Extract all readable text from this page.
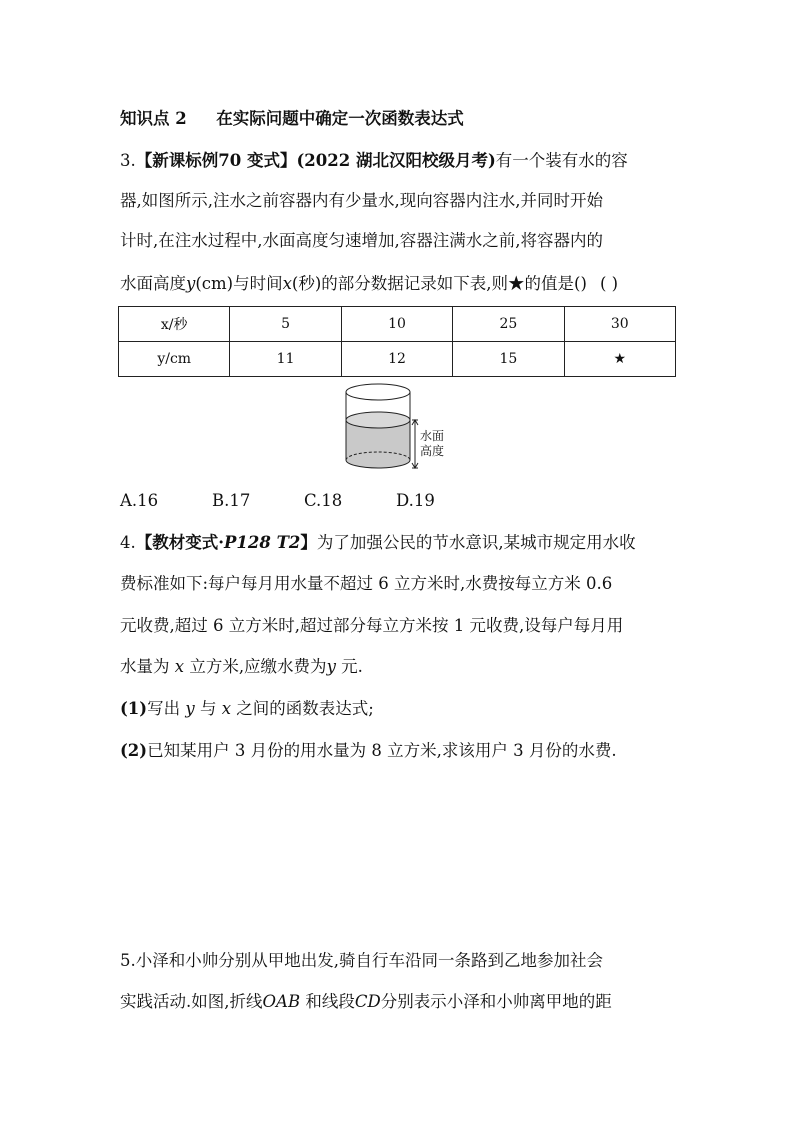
知识点 2 在实际问题中确定一次函数表达式
3.【新课标例70 变式】(2022 湖北汉阳校级月考)有一个装有水的容
器,如图所示,注水之前容器内有少量水,现向容器内注水,并同时开始
计时,在注水过程中,水面高度匀速增加,容器注满水之前,将容器内的
水面高度y(cm)与时间x(秒)的部分数据记录如下表,则★的值是() ( )
x/秒	5	10	25	30
y/cm	11	12	15	★
水面
高度
A.16	B.17	C.18	D.19
4.【教材变式·P128 T2】为了加强公民的节水意识,某城市规定用水收
费标准如下:每户每月用水量不超过 6 立方米时,水费按每立方米 0.6
元收费,超过 6 立方米时,超过部分每立方米按 1 元收费,设每户每月用
水量为 x 立方米,应缴水费为y 元.
(1)写出 y 与 x 之间的函数表达式;
(2)已知某用户 3 月份的用水量为 8 立方米,求该用户 3 月份的水费.
5.小泽和小帅分别从甲地出发,骑自行车沿同一条路到乙地参加社会
实践活动.如图,折线OAB 和线段CD分别表示小泽和小帅离甲地的距
